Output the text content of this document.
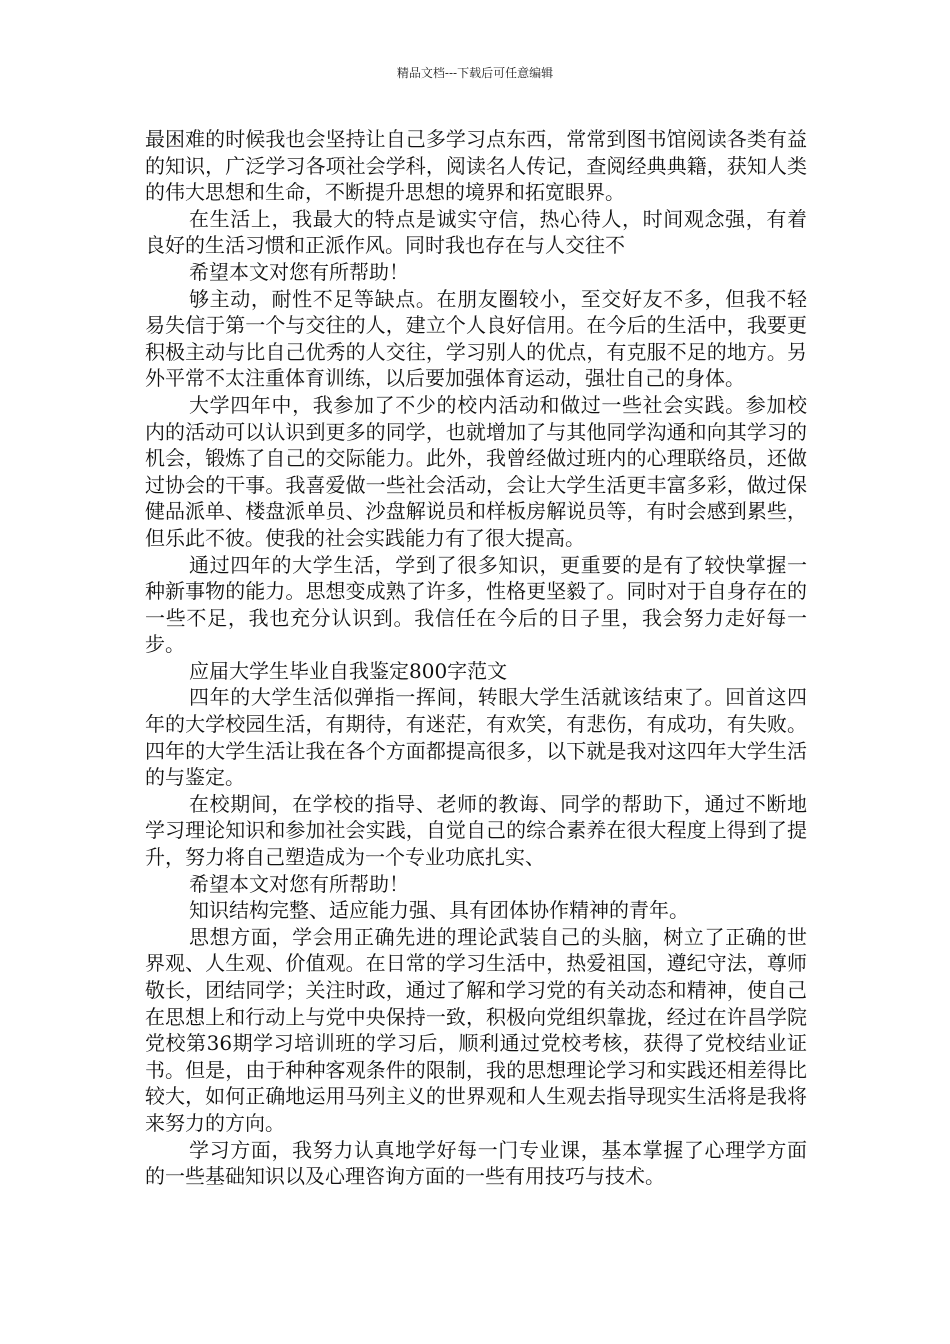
精品文档---下载后可任意编辑

最困难的时候我也会坚持让自己多学习点东西，常常到图书馆阅读各类有益的知识，广泛学习各项社会学科，阅读名人传记，查阅经典典籍，获知人类的伟大思想和生命，不断提升思想的境界和拓宽眼界。

在生活上，我最大的特点是诚实守信，热心待人，时间观念强，有着良好的生活习惯和正派作风。同时我也存在与人交往不

希望本文对您有所帮助！

够主动，耐性不足等缺点。在朋友圈较小，至交好友不多，但我不轻易失信于第一个与交往的人，建立个人良好信用。在今后的生活中，我要更积极主动与比自己优秀的人交往，学习别人的优点，有克服不足的地方。另外平常不太注重体育训练，以后要加强体育运动，强壮自己的身体。

大学四年中，我参加了不少的校内活动和做过一些社会实践。参加校内的活动可以认识到更多的同学，也就增加了与其他同学沟通和向其学习的机会，锻炼了自己的交际能力。此外，我曾经做过班内的心理联络员，还做过协会的干事。我喜爱做一些社会活动，会让大学生活更丰富多彩，做过保健品派单、楼盘派单员、沙盘解说员和样板房解说员等，有时会感到累些，但乐此不彼。使我的社会实践能力有了很大提高。

通过四年的大学生活，学到了很多知识，更重要的是有了较快掌握一种新事物的能力。思想变成熟了许多，性格更坚毅了。同时对于自身存在的一些不足，我也充分认识到。我信任在今后的日子里，我会努力走好每一步。

应届大学生毕业自我鉴定800字范文

四年的大学生活似弹指一挥间，转眼大学生活就该结束了。回首这四年的大学校园生活，有期待，有迷茫，有欢笑，有悲伤，有成功，有失败。四年的大学生活让我在各个方面都提高很多，以下就是我对这四年大学生活的与鉴定。

在校期间，在学校的指导、老师的教诲、同学的帮助下，通过不断地学习理论知识和参加社会实践，自觉自己的综合素养在很大程度上得到了提升，努力将自己塑造成为一个专业功底扎实、

希望本文对您有所帮助！

知识结构完整、适应能力强、具有团体协作精神的青年。

思想方面，学会用正确先进的理论武装自己的头脑，树立了正确的世界观、人生观、价值观。在日常的学习生活中，热爱祖国，遵纪守法，尊师敬长，团结同学；关注时政，通过了解和学习党的有关动态和精神，使自己在思想上和行动上与党中央保持一致，积极向党组织靠拢，经过在许昌学院党校第36期学习培训班的学习后，顺利通过党校考核，获得了党校结业证书。但是，由于种种客观条件的限制，我的思想理论学习和实践还相差得比较大，如何正确地运用马列主义的世界观和人生观去指导现实生活将是我将来努力的方向。

学习方面，我努力认真地学好每一门专业课，基本掌握了心理学方面的一些基础知识以及心理咨询方面的一些有用技巧与技术。
